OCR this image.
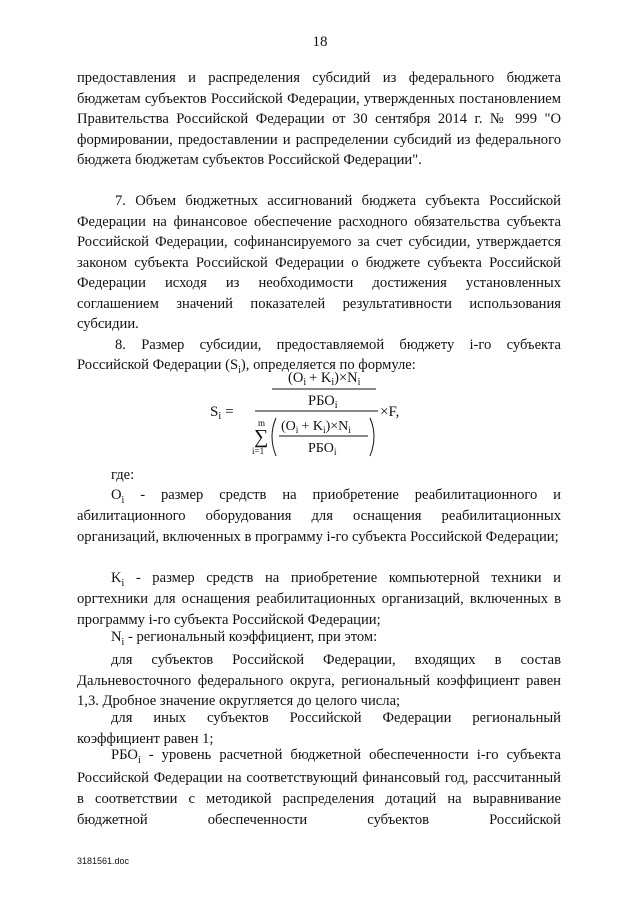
18

предоставления и распределения субсидий из федерального бюджета бюджетам субъектов Российской Федерации, утвержденных постановлением Правительства Российской Федерации от 30 сентября 2014 г. № 999 "О формировании, предоставлении и распределении субсидий из федерального бюджета бюджетам субъектов Российской Федерации".

7. Объем бюджетных ассигнований бюджета субъекта Российской Федерации на финансовое обеспечение расходного обязательства субъекта Российской Федерации, софинансируемого за счет субсидии, утверждается законом субъекта Российской Федерации о бюджете субъекта Российской Федерации исходя из необходимости достижения установленных соглашением значений показателей результативности использования субсидии.

8. Размер субсидии, предоставляемой бюджету i-го субъекта

Российской Федерации $(S_i)$, определяется по формуле:

$(O_i + K_i)\times N_i$
$РБО_i$
$S_i$ =
m
∑
i=1
$(O_i + K_i)\times N_i$
$РБО_i$
×F,

где:

$O_i$ - размер средств на приобретение реабилитационного и

абилитационного оборудования для оснащения реабилитационных организаций, включенных в программу i-го субъекта Российской Федерации;

$K_i$ - размер средств на приобретение компьютерной техники и

оргтехники для оснащения реабилитационных организаций, включенных в программу i-го субъекта Российской Федерации;

$N_i$ - региональный коэффициент, при этом:

для субъектов Российской Федерации, входящих в состав Дальневосточного федерального округа, региональный коэффициент равен 1,3. Дробное значение округляется до целого числа;

для иных субъектов Российской Федерации региональный коэффициент равен 1;

$РБО_i$ - уровень расчетной бюджетной обеспеченности i-го субъекта

Российской Федерации на соответствующий финансовый год, рассчитанный в соответствии с методикой распределения дотаций на выравнивание бюджетной обеспеченности субъектов Российской

3181561.doc
